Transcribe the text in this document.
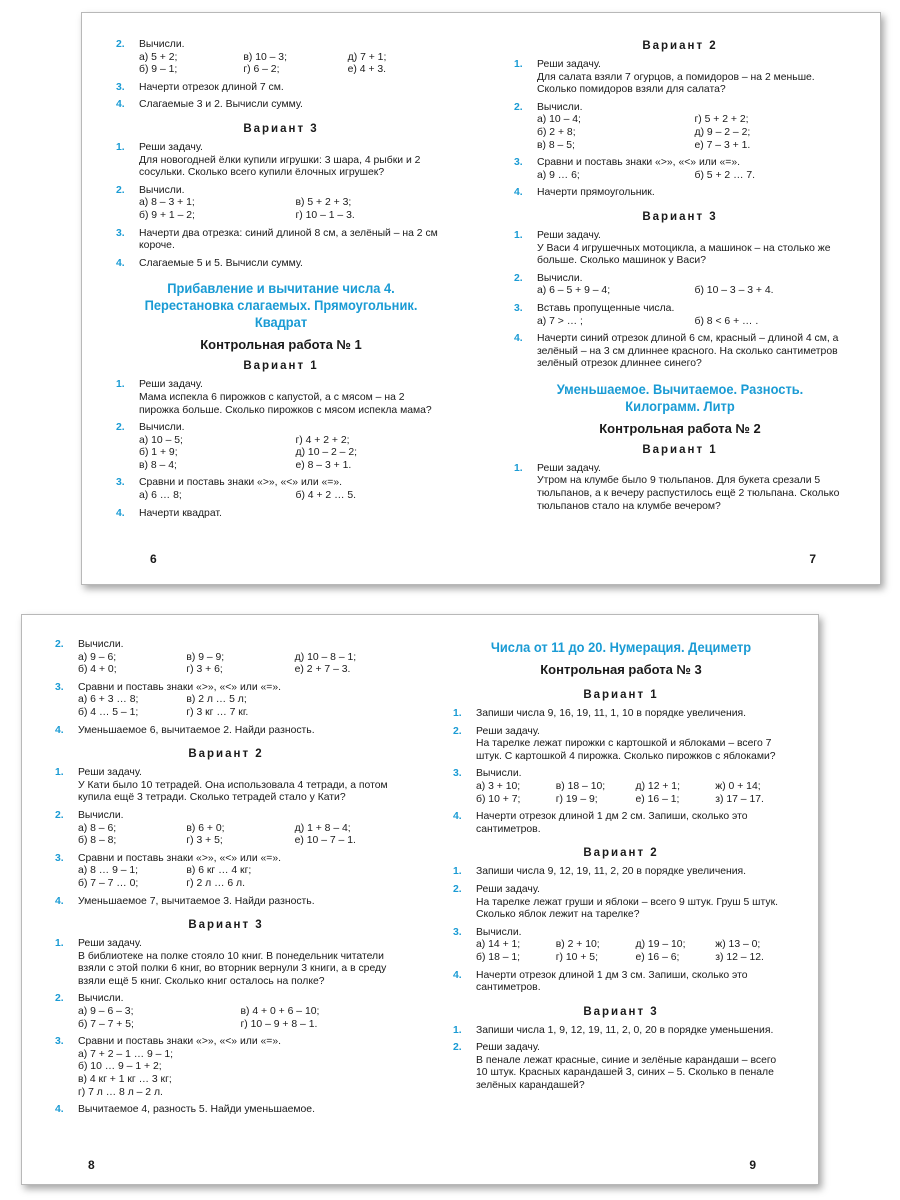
2. Вычисли.
а) 5 + 2;	в) 10 – 3;	д) 7 + 1;
б) 9 – 1;	г) 6 – 2;	е) 4 + 3.
3. Начерти отрезок длиной 7 см.
4. Слагаемые 3 и 2. Вычисли сумму.
Вариант 3
1. Реши задачу.
Для новогодней ёлки купили игрушки: 3 шара, 4 рыбки и 2 сосульки. Сколько всего купили ёлочных игрушек?
2. Вычисли.
а) 8 – 3 + 1;	в) 5 + 2 + 3;
б) 9 + 1 – 2;	г) 10 – 1 – 3.
3. Начерти два отрезка: синий длиной 8 см, а зелёный – на 2 см короче.
4. Слагаемые 5 и 5. Вычисли сумму.
Прибавление и вычитание числа 4.
Перестановка слагаемых. Прямоугольник. Квадрат
Контрольная работа № 1
Вариант 1
1. Реши задачу.
Мама испекла 6 пирожков с капустой, а с мясом – на 2 пирожка больше. Сколько пирожков с мясом испекла мама?
2. Вычисли.
а) 10 – 5;	г) 4 + 2 + 2;
б) 1 + 9;	д) 10 – 2 – 2;
в) 8 – 4;	е) 8 – 3 + 1.
3. Сравни и поставь знаки «>», «<» или «=».
а) 6 … 8;	б) 4 + 2 … 5.
4. Начерти квадрат.
6
Вариант 2
1. Реши задачу.
Для салата взяли 7 огурцов, а помидоров – на 2 меньше. Сколько помидоров взяли для салата?
2. Вычисли.
а) 10 – 4;	г) 5 + 2 + 2;
б) 2 + 8;	д) 9 – 2 – 2;
в) 8 – 5;	е) 7 – 3 + 1.
3. Сравни и поставь знаки «>», «<» или «=».
а) 9 … 6;	б) 5 + 2 … 7.
4. Начерти прямоугольник.
Вариант 3
1. Реши задачу.
У Васи 4 игрушечных мотоцикла, а машинок – на столько же больше. Сколько машинок у Васи?
2. Вычисли.
а) 6 – 5 + 9 – 4;	б) 10 – 3 – 3 + 4.
3. Вставь пропущенные числа.
а) 7 > … ;	б) 8 < 6 + … .
4. Начерти синий отрезок длиной 6 см, красный – длиной 4 см, а зелёный – на 3 см длиннее красного. На сколько сантиметров зелёный отрезок длиннее синего?
Уменьшаемое. Вычитаемое. Разность.
Килограмм. Литр
Контрольная работа № 2
Вариант 1
1. Реши задачу.
Утром на клумбе было 9 тюльпанов. Для букета срезали 5 тюльпанов, а к вечеру распустилось ещё 2 тюльпана. Сколько тюльпанов стало на клумбе вечером?
7
2. Вычисли.
а) 9 – 6;	в) 9 – 9;	д) 10 – 8 – 1;
б) 4 + 0;	г) 3 + 6;	е) 2 + 7 – 3.
3. Сравни и поставь знаки «>», «<» или «=».
а) 6 + 3 … 8;	в) 2 л … 5 л;
б) 4 … 5 – 1;	г) 3 кг … 7 кг.
4. Уменьшаемое 6, вычитаемое 2. Найди разность.
Вариант 2
1. Реши задачу.
У Кати было 10 тетрадей. Она использовала 4 тетради, а потом купила ещё 3 тетради. Сколько тетрадей стало у Кати?
2. Вычисли.
а) 8 – 6;	в) 6 + 0;	д) 1 + 8 – 4;
б) 8 – 8;	г) 3 + 5;	е) 10 – 7 – 1.
3. Сравни и поставь знаки «>», «<» или «=».
а) 8 … 9 – 1;	в) 6 кг … 4 кг;
б) 7 – 7 … 0;	г) 2 л … 6 л.
4. Уменьшаемое 7, вычитаемое 3. Найди разность.
Вариант 3
1. Реши задачу.
В библиотеке на полке стояло 10 книг. В понедельник читатели взяли с этой полки 6 книг, во вторник вернули 3 книги, а в среду взяли ещё 5 книг. Сколько книг осталось на полке?
2. Вычисли.
а) 9 – 6 – 3;	в) 4 + 0 + 6 – 10;
б) 7 – 7 + 5;	г) 10 – 9 + 8 – 1.
3. Сравни и поставь знаки «>», «<» или «=».
а) 7 + 2 – 1 … 9 – 1;
б) 10 … 9 – 1 + 2;
в) 4 кг + 1 кг … 3 кг;
г) 7 л … 8 л – 2 л.
4. Вычитаемое 4, разность 5. Найди уменьшаемое.
8
Числа от 11 до 20. Нумерация. Дециметр
Контрольная работа № 3
Вариант 1
1. Запиши числа 9, 16, 19, 11, 1, 10 в порядке увеличения.
2. Реши задачу.
На тарелке лежат пирожки с картошкой и яблоками – всего 7 штук. С картошкой 4 пирожка. Сколько пирожков с яблоками?
3. Вычисли.
а) 3 + 10;	в) 18 – 10;	д) 12 + 1;	ж) 0 + 14;
б) 10 + 7;	г) 19 – 9;	е) 16 – 1;	з) 17 – 17.
4. Начерти отрезок длиной 1 дм 2 см. Запиши, сколько это сантиметров.
Вариант 2
1. Запиши числа 9, 12, 19, 11, 2, 20 в порядке увеличения.
2. Реши задачу.
На тарелке лежат груши и яблоки – всего 9 штук. Груш 5 штук. Сколько яблок лежит на тарелке?
3. Вычисли.
а) 14 + 1;	в) 2 + 10;	д) 19 – 10;	ж) 13 – 0;
б) 18 – 1;	г) 10 + 5;	е) 16 – 6;	з) 12 – 12.
4. Начерти отрезок длиной 1 дм 3 см. Запиши, сколько это сантиметров.
Вариант 3
1. Запиши числа 1, 9, 12, 19, 11, 2, 0, 20 в порядке уменьшения.
2. Реши задачу.
В пенале лежат красные, синие и зелёные карандаши – всего 10 штук. Красных карандашей 3, синих – 5. Сколько в пенале зелёных карандашей?
9
